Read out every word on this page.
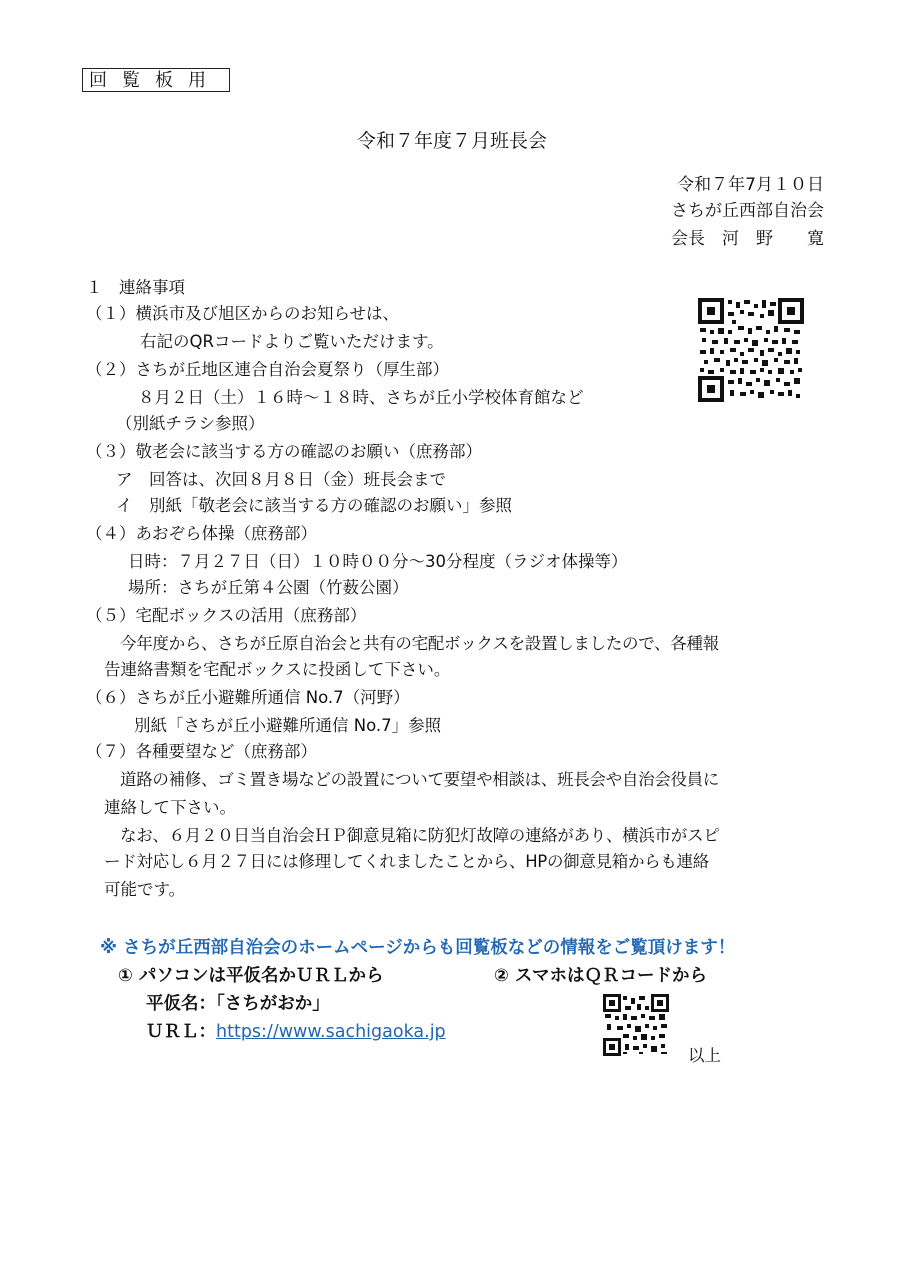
回覧板用
令和７年度７月班長会
令和７年7月１０日
さちが丘西部自治会
会長　河　野　　寛
１　連絡事項
（１）横浜市及び旭区からのお知らせは、
右記のQRコードよりご覧いただけます。
（２）さちが丘地区連合自治会夏祭り（厚生部）
８月２日（土）１６時～１８時、さちが丘小学校体育館など
（別紙チラシ参照）
（３）敬老会に該当する方の確認のお願い（庶務部）
ア　回答は、次回８月８日（金）班長会まで
イ　別紙「敬老会に該当する方の確認のお願い」参照
（４）あおぞら体操（庶務部）
日時：７月２７日（日）１０時００分～30分程度（ラジオ体操等）
場所：さちが丘第４公園（竹薮公園）
（５）宅配ボックスの活用（庶務部）
今年度から、さちが丘原自治会と共有の宅配ボックスを設置しましたので、各種報
告連絡書類を宅配ボックスに投函して下さい。
（６）さちが丘小避難所通信 No.7（河野）
別紙「さちが丘小避難所通信 No.7」参照
（７）各種要望など（庶務部）
道路の補修、ゴミ置き場などの設置について要望や相談は、班長会や自治会役員に
連絡して下さい。
なお、６月２０日当自治会ＨＰ御意見箱に防犯灯故障の連絡があり、横浜市がスピ
ード対応し６月２７日には修理してくれましたことから、HPの御意見箱からも連絡
可能です。
※ さちが丘西部自治会のホームページからも回覧板などの情報をご覧頂けます！
① パソコンは平仮名かＵＲＬから	② スマホはＱＲコードから
平仮名：「さちがおか」
ＵＲＬ：https://www.sachigaoka.jp
以上
